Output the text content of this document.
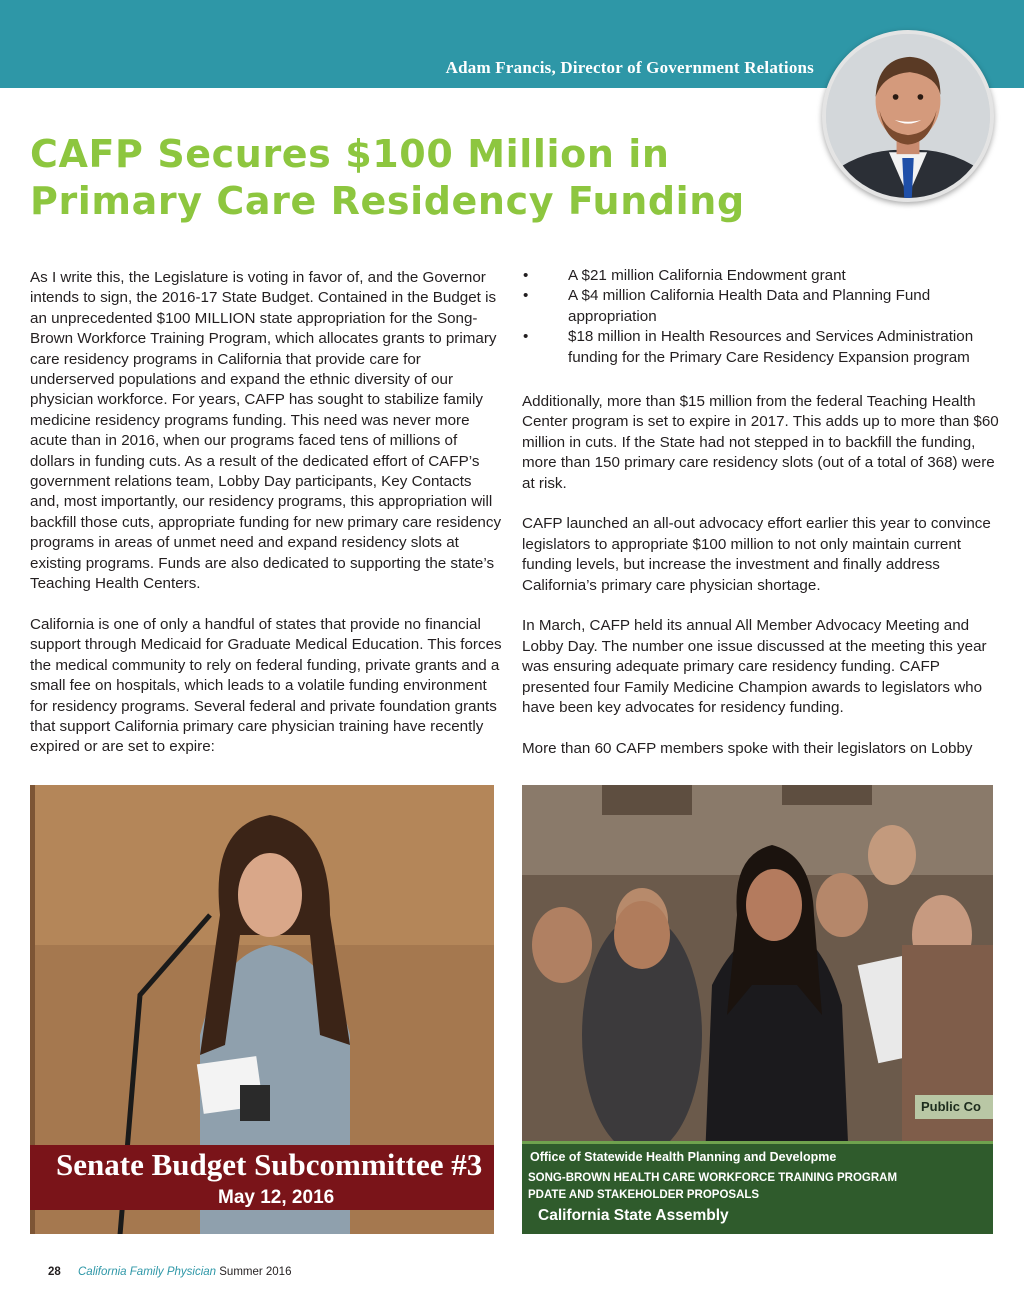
Adam Francis, Director of Government Relations
CAFP Secures $100 Million in
Primary Care Residency Funding

As I write this, the Legislature is voting in favor of, and the Governor intends to sign, the 2016-17 State Budget. Contained in the Budget is an unprecedented $100 MILLION state appropriation for the Song-Brown Workforce Training Program, which allocates grants to primary care residency programs in California that provide care for underserved populations and expand the ethnic diversity of our physician workforce. For years, CAFP has sought to stabilize family medicine residency programs funding. This need was never more acute than in 2016, when our programs faced tens of millions of dollars in funding cuts. As a result of the dedicated effort of CAFP’s government relations team, Lobby Day participants, Key Contacts and, most importantly, our residency programs, this appropriation will backfill those cuts, appropriate funding for new primary care residency programs in areas of unmet need and expand residency slots at existing programs. Funds are also dedicated to supporting the state’s Teaching Health Centers.

California is one of only a handful of states that provide no financial support through Medicaid for Graduate Medical Education. This forces the medical community to rely on federal funding, private grants and a small fee on hospitals, which leads to a volatile funding environment for residency programs. Several federal and private foundation grants that support California primary care physician training have recently expired or are set to expire:

• A $21 million California Endowment grant
• A $4 million California Health Data and Planning Fund appropriation
• $18 million in Health Resources and Services Administration funding for the Primary Care Residency Expansion program

Additionally, more than $15 million from the federal Teaching Health Center program is set to expire in 2017. This adds up to more than $60 million in cuts. If the State had not stepped in to backfill the funding, more than 150 primary care residency slots (out of a total of 368) were at risk.

CAFP launched an all-out advocacy effort earlier this year to convince legislators to appropriate $100 million to not only maintain current funding levels, but increase the investment and finally address California’s primary care physician shortage.

In March, CAFP held its annual All Member Advocacy Meeting and Lobby Day. The number one issue discussed at the meeting this year was ensuring adequate primary care residency funding. CAFP presented four Family Medicine Champion awards to legislators who have been key advocates for residency funding.

More than 60 CAFP members spoke with their legislators on Lobby

Senate Budget Subcommittee #3
May 12, 2016
Public Co
Office of Statewide Health Planning and Developme
SONG-BROWN HEALTH CARE WORKFORCE TRAINING PROGRAM
PDATE AND STAKEHOLDER PROPOSALS
California State Assembly
28 California Family Physician Summer 2016
